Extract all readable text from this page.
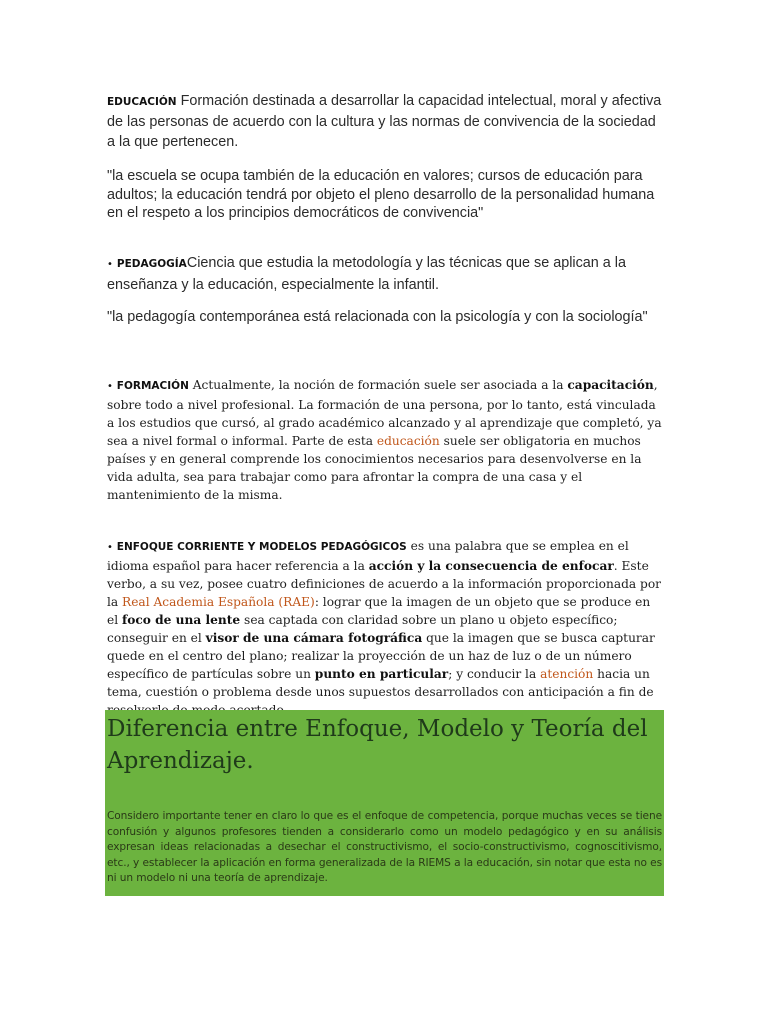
EDUCACIÓN Formación destinada a desarrollar la capacidad intelectual, moral y afectiva de las personas de acuerdo con la cultura y las normas de convivencia de la sociedad a la que pertenecen.
"la escuela se ocupa también de la educación en valores; cursos de educación para adultos; la educación tendrá por objeto el pleno desarrollo de la personalidad humana en el respeto a los principios democráticos de convivencia"
• PEDAGOGÍACiencia que estudia la metodología y las técnicas que se aplican a la enseñanza y la educación, especialmente la infantil.
"la pedagogía contemporánea está relacionada con la psicología y con la sociología"
• FORMACIÓN Actualmente, la noción de formación suele ser asociada a la capacitación, sobre todo a nivel profesional. La formación de una persona, por lo tanto, está vinculada a los estudios que cursó, al grado académico alcanzado y al aprendizaje que completó, ya sea a nivel formal o informal. Parte de esta educación suele ser obligatoria en muchos países y en general comprende los conocimientos necesarios para desenvolverse en la vida adulta, sea para trabajar como para afrontar la compra de una casa y el mantenimiento de la misma.
• ENFOQUE CORRIENTE Y MODELOS PEDAGÓGICOS es una palabra que se emplea en el idioma español para hacer referencia a la acción y la consecuencia de enfocar. Este verbo, a su vez, posee cuatro definiciones de acuerdo a la información proporcionada por la Real Academia Española (RAE): lograr que la imagen de un objeto que se produce en el foco de una lente sea captada con claridad sobre un plano u objeto específico; conseguir en el visor de una cámara fotográfica que la imagen que se busca capturar quede en el centro del plano; realizar la proyección de un haz de luz o de un número específico de partículas sobre un punto en particular; y conducir la atención hacia un tema, cuestión o problema desde unos supuestos desarrollados con anticipación a fin de
Diferencia entre Enfoque, Modelo y Teoría del Aprendizaje.
Considero importante tener en claro lo que es el enfoque de competencia, porque muchas veces se tiene confusión y algunos profesores tienden a considerarlo como un modelo pedagógico y en su análisis expresan ideas relacionadas a desechar el constructivismo, el socio-constructivismo, cognoscitivismo, etc., y establecer la aplicación en forma generalizada de la RIEMS a la educación, sin notar que esta no es ni un modelo ni una teoría de aprendizaje.
